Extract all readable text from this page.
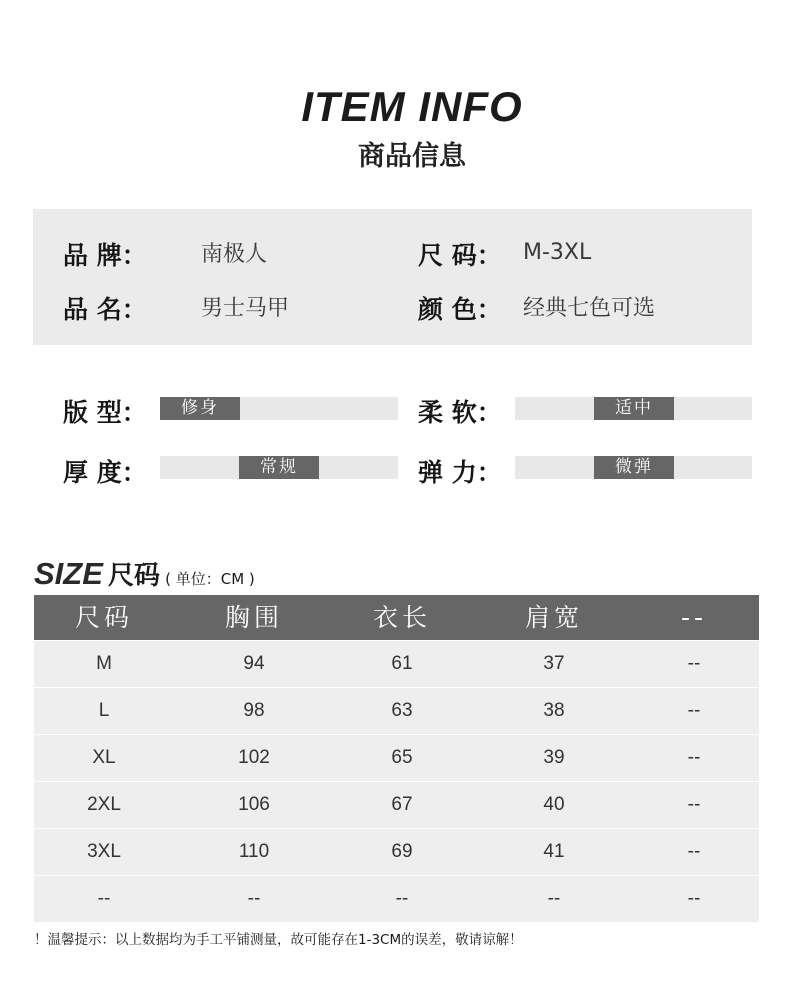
ITEM INFO
商品信息
品 牌： 南极人	尺 码： M-3XL
品 名： 男士马甲	颜 色： 经典七色可选
版 型：	修身	柔 软：	适中
厚 度：	常规	弹 力：	微弹
SIZE 尺码 ( 单位：CM )
尺码	胸围	衣长	肩宽	--
M	94	61	37	--
L	98	63	38	--
XL	102	65	39	--
2XL	106	67	40	--
3XL	110	69	41	--
--	--	--	--	--
！温馨提示：以上数据均为手工平铺测量，故可能存在1-3CM的误差，敬请谅解！
